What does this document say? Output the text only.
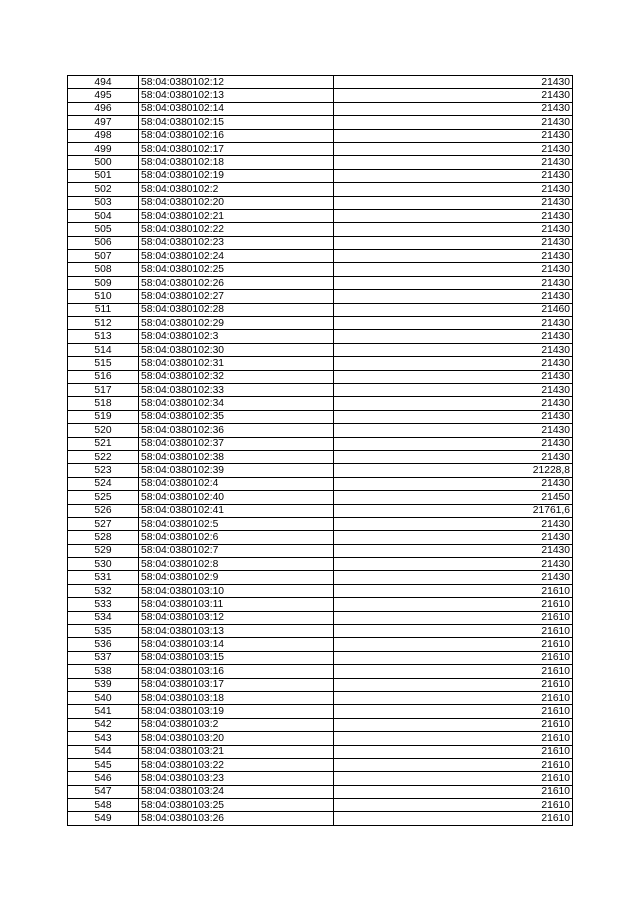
494	58:04:0380102:12	21430
495	58:04:0380102:13	21430
496	58:04:0380102:14	21430
497	58:04:0380102:15	21430
498	58:04:0380102:16	21430
499	58:04:0380102:17	21430
500	58:04:0380102:18	21430
501	58:04:0380102:19	21430
502	58:04:0380102:2	21430
503	58:04:0380102:20	21430
504	58:04:0380102:21	21430
505	58:04:0380102:22	21430
506	58:04:0380102:23	21430
507	58:04:0380102:24	21430
508	58:04:0380102:25	21430
509	58:04:0380102:26	21430
510	58:04:0380102:27	21430
511	58:04:0380102:28	21460
512	58:04:0380102:29	21430
513	58:04:0380102:3	21430
514	58:04:0380102:30	21430
515	58:04:0380102:31	21430
516	58:04:0380102:32	21430
517	58:04:0380102:33	21430
518	58:04:0380102:34	21430
519	58:04:0380102:35	21430
520	58:04:0380102:36	21430
521	58:04:0380102:37	21430
522	58:04:0380102:38	21430
523	58:04:0380102:39	21228,8
524	58:04:0380102:4	21430
525	58:04:0380102:40	21450
526	58:04:0380102:41	21761,6
527	58:04:0380102:5	21430
528	58:04:0380102:6	21430
529	58:04:0380102:7	21430
530	58:04:0380102:8	21430
531	58:04:0380102:9	21430
532	58:04:0380103:10	21610
533	58:04:0380103:11	21610
534	58:04:0380103:12	21610
535	58:04:0380103:13	21610
536	58:04:0380103:14	21610
537	58:04:0380103:15	21610
538	58:04:0380103:16	21610
539	58:04:0380103:17	21610
540	58:04:0380103:18	21610
541	58:04:0380103:19	21610
542	58:04:0380103:2	21610
543	58:04:0380103:20	21610
544	58:04:0380103:21	21610
545	58:04:0380103:22	21610
546	58:04:0380103:23	21610
547	58:04:0380103:24	21610
548	58:04:0380103:25	21610
549	58:04:0380103:26	21610
